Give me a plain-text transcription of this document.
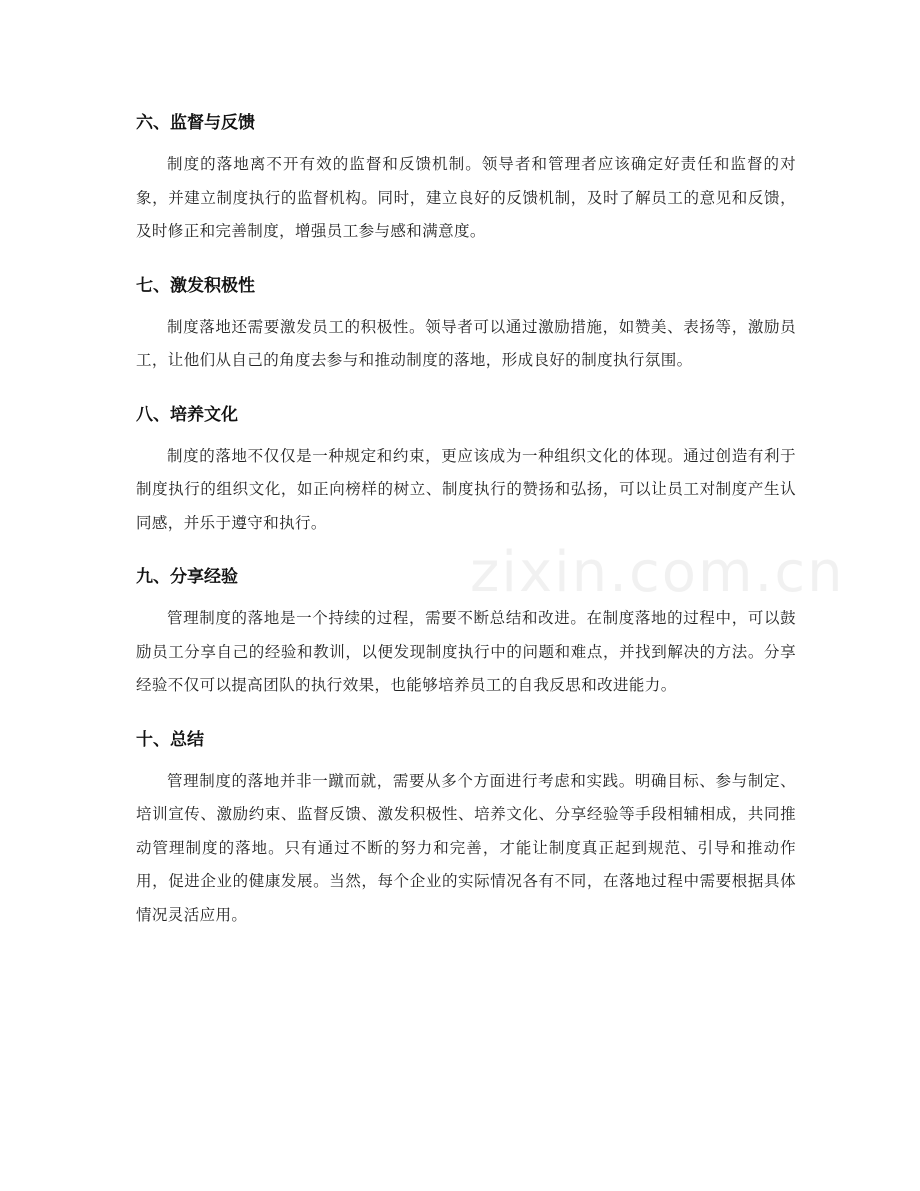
六、监督与反馈

制度的落地离不开有效的监督和反馈机制。领导者和管理者应该确定好责任和监督的对象，并建立制度执行的监督机构。同时，建立良好的反馈机制，及时了解员工的意见和反馈，及时修正和完善制度，增强员工参与感和满意度。

七、激发积极性

制度落地还需要激发员工的积极性。领导者可以通过激励措施，如赞美、表扬等，激励员工，让他们从自己的角度去参与和推动制度的落地，形成良好的制度执行氛围。

八、培养文化

制度的落地不仅仅是一种规定和约束，更应该成为一种组织文化的体现。通过创造有利于制度执行的组织文化，如正向榜样的树立、制度执行的赞扬和弘扬，可以让员工对制度产生认同感，并乐于遵守和执行。

九、分享经验

管理制度的落地是一个持续的过程，需要不断总结和改进。在制度落地的过程中，可以鼓励员工分享自己的经验和教训，以便发现制度执行中的问题和难点，并找到解决的方法。分享经验不仅可以提高团队的执行效果，也能够培养员工的自我反思和改进能力。

十、总结

管理制度的落地并非一蹴而就，需要从多个方面进行考虑和实践。明确目标、参与制定、培训宣传、激励约束、监督反馈、激发积极性、培养文化、分享经验等手段相辅相成，共同推动管理制度的落地。只有通过不断的努力和完善，才能让制度真正起到规范、引导和推动作用，促进企业的健康发展。当然，每个企业的实际情况各有不同，在落地过程中需要根据具体情况灵活应用。

zixin.com.cn
